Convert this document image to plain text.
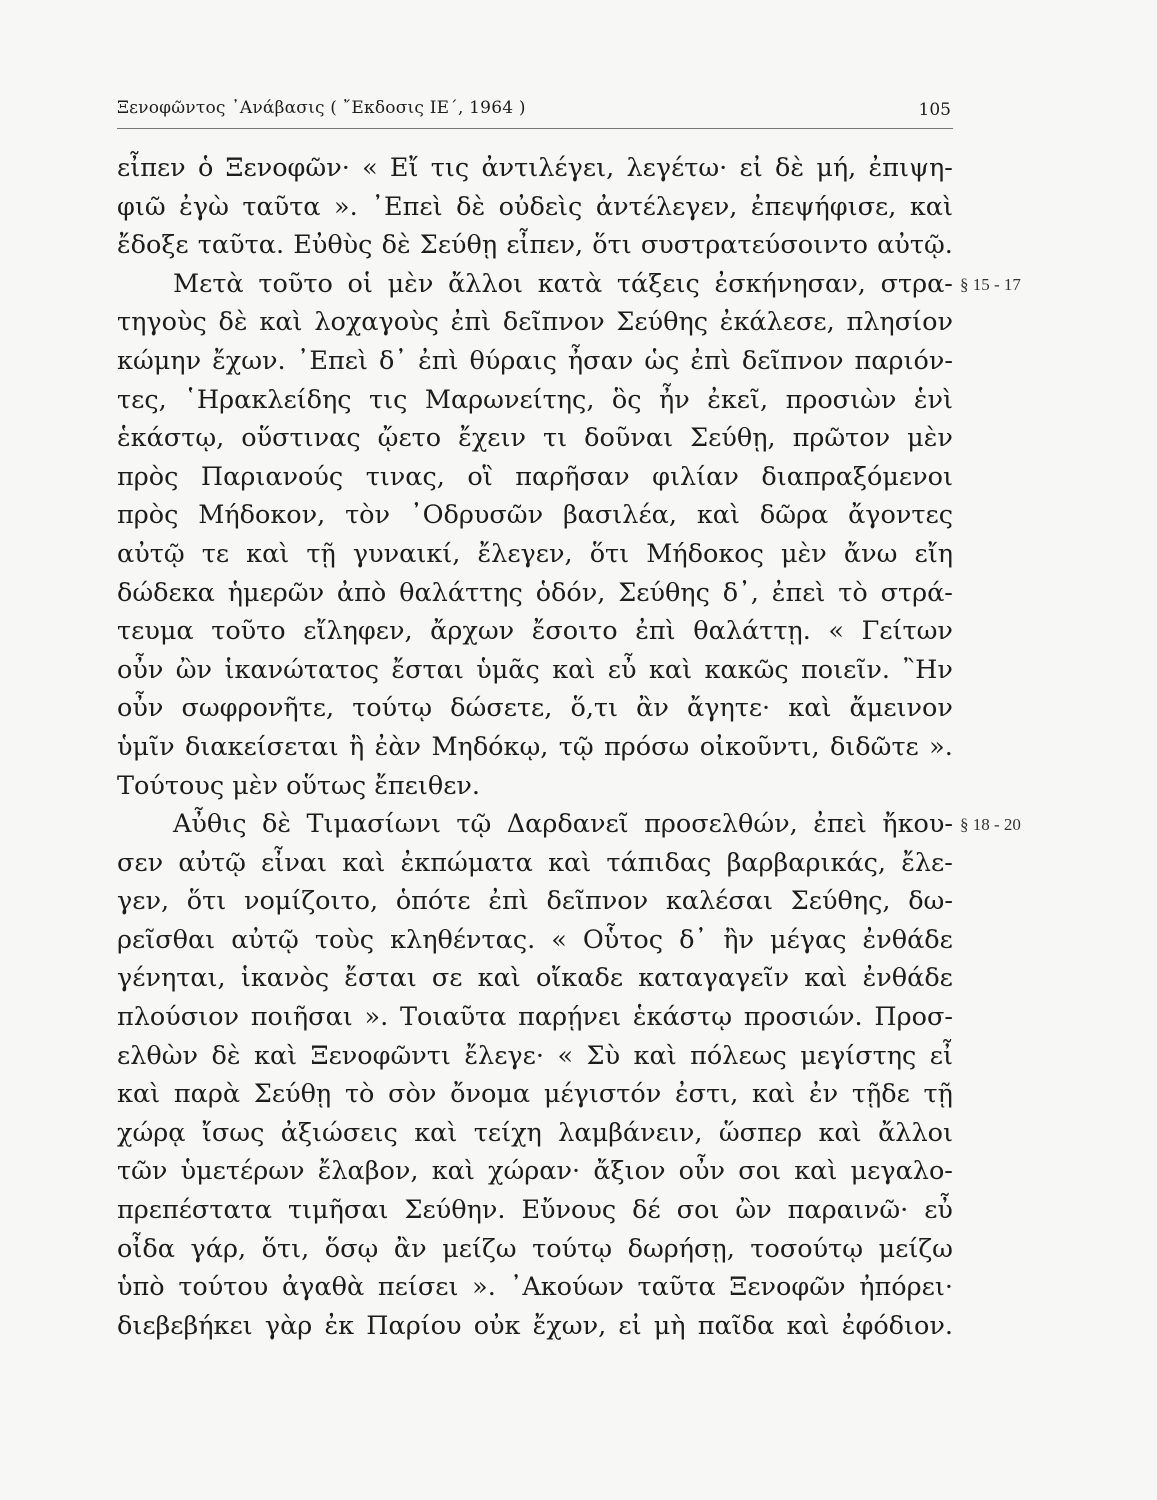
Ξενοφῶντος ᾿Ανάβασις ( ῎Εκδοσις ΙΕ΄, 1964 )	105
εἶπεν ὁ Ξενοφῶν· « Εἴ τις ἀντιλέγει, λεγέτω· εἰ δὲ μή, ἐπιψη-
φιῶ ἐγὼ ταῦτα ». ᾿Επεὶ δὲ οὐδεὶς ἀντέλεγεν, ἐπεψήφισε, καὶ
ἔδοξε ταῦτα. Εὐθὺς δὲ Σεύθῃ εἶπεν, ὅτι συστρατεύσοιντο αὐτῷ.
Μετὰ τοῦτο οἱ μὲν ἄλλοι κατὰ τάξεις ἐσκήνησαν, στρα-
τηγοὺς δὲ καὶ λοχαγοὺς ἐπὶ δεῖπνον Σεύθης ἐκάλεσε, πλησίον
κώμην ἔχων. ᾿Επεὶ δ᾿ ἐπὶ θύραις ἦσαν ὡς ἐπὶ δεῖπνον παριόν-
τες, ῾Ηρακλείδης τις Μαρωνείτης, ὃς ἦν ἐκεῖ, προσιὼν ἑνὶ
ἑκάστῳ, οὕστινας ᾤετο ἔχειν τι δοῦναι Σεύθῃ, πρῶτον μὲν
πρὸς Παριανούς τινας, οἳ παρῆσαν φιλίαν διαπραξόμενοι
πρὸς Μήδοκον, τὸν ᾿Οδρυσῶν βασιλέα, καὶ δῶρα ἄγοντες
αὐτῷ τε καὶ τῇ γυναικί, ἔλεγεν, ὅτι Μήδοκος μὲν ἄνω εἴη
δώδεκα ἡμερῶν ἀπὸ θαλάττης ὁδόν, Σεύθης δ᾿, ἐπεὶ τὸ στρά-
τευμα τοῦτο εἴληφεν, ἄρχων ἔσοιτο ἐπὶ θαλάττῃ. « Γείτων
οὖν ὢν ἱκανώτατος ἔσται ὑμᾶς καὶ εὖ καὶ κακῶς ποιεῖν. ῍Ην
οὖν σωφρονῆτε, τούτῳ δώσετε, ὅ,τι ἂν ἄγητε· καὶ ἄμεινον
ὑμῖν διακείσεται ἢ ἐὰν Μηδόκῳ, τῷ πρόσω οἰκοῦντι, διδῶτε ».
Τούτους μὲν οὕτως ἔπειθεν.
Αὖθις δὲ Τιμασίωνι τῷ Δαρδανεῖ προσελθών, ἐπεὶ ἤκου-
σεν αὐτῷ εἶναι καὶ ἐκπώματα καὶ τάπιδας βαρβαρικάς, ἔλε-
γεν, ὅτι νομίζοιτο, ὁπότε ἐπὶ δεῖπνον καλέσαι Σεύθης, δω-
ρεῖσθαι αὐτῷ τοὺς κληθέντας. « Οὗτος δ᾿ ἢν μέγας ἐνθάδε
γένηται, ἱκανὸς ἔσται σε καὶ οἴκαδε καταγαγεῖν καὶ ἐνθάδε
πλούσιον ποιῆσαι ». Τοιαῦτα παρῄνει ἑκάστῳ προσιών. Προσ-
ελθὼν δὲ καὶ Ξενοφῶντι ἔλεγε· « Σὺ καὶ πόλεως μεγίστης εἶ
καὶ παρὰ Σεύθῃ τὸ σὸν ὄνομα μέγιστόν ἐστι, καὶ ἐν τῇδε τῇ
χώρᾳ ἴσως ἀξιώσεις καὶ τείχη λαμβάνειν, ὥσπερ καὶ ἄλλοι
τῶν ὑμετέρων ἔλαβον, καὶ χώραν· ἄξιον οὖν σοι καὶ μεγαλο-
πρεπέστατα τιμῆσαι Σεύθην. Εὔνους δέ σοι ὢν παραινῶ· εὖ
οἶδα γάρ, ὅτι, ὅσῳ ἂν μείζω τούτῳ δωρήσῃ, τοσούτῳ μείζω
ὑπὸ τούτου ἀγαθὰ πείσει ». ᾿Ακούων ταῦτα Ξενοφῶν ἠπόρει·
διεβεβήκει γὰρ ἐκ Παρίου οὐκ ἔχων, εἰ μὴ παῖδα καὶ ἐφόδιον.
§ 15 - 17
§ 18 - 20
